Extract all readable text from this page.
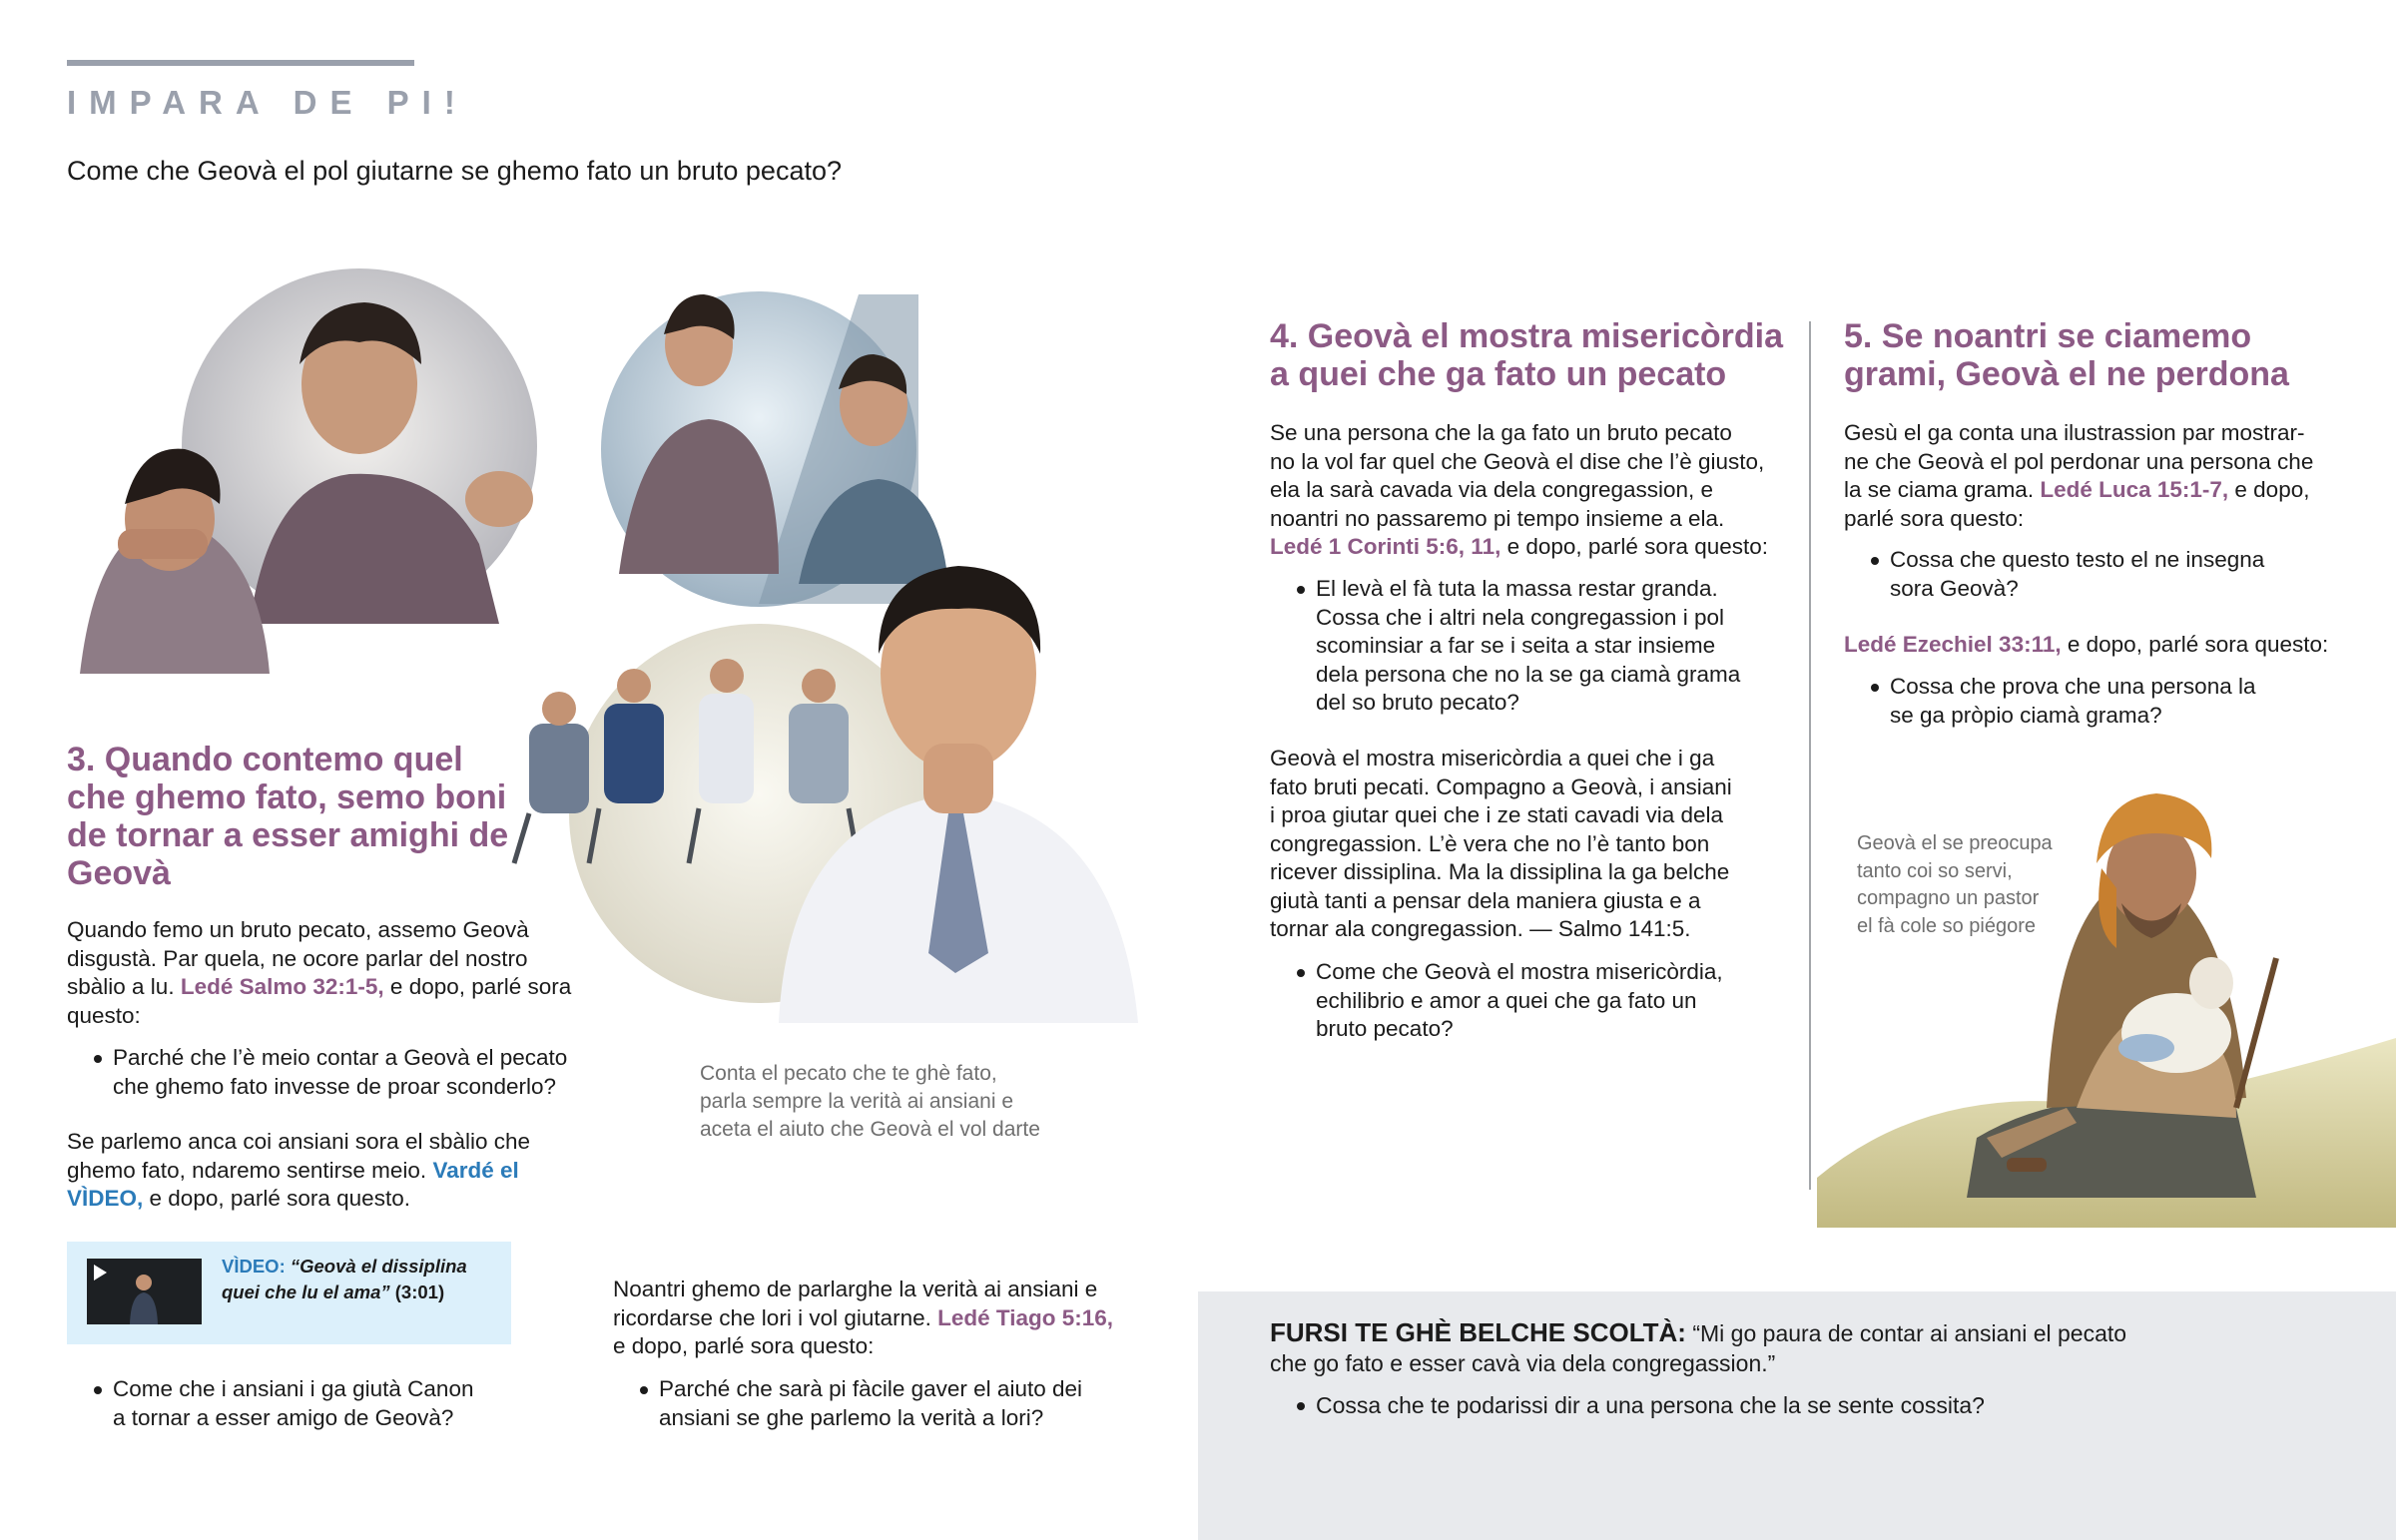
IMPARA DE PI!
Come che Geovà el pol giutarne se ghemo fato un bruto pecato?
3. Quando contemo quel
che ghemo fato, semo boni
de tornar a esser amighi de
Geovà
Quando femo un bruto pecato, assemo Geovà
disgustà. Par quela, ne ocore parlar del nostro
sbàlio a lu. Ledé Salmo 32:1-5, e dopo, parlé sora
questo:
Parché che l’è meio contar a Geovà el pecato
che ghemo fato invesse de proar sconderlo?
Se parlemo anca coi ansiani sora el sbàlio che
ghemo fato, ndaremo sentirse meio. Vardé el
VÌDEO, e dopo, parlé sora questo.
VÌDEO: “Geovà el dissiplina
quei che lu el ama” (3:01)
Come che i ansiani i ga giutà Canon
a tornar a esser amigo de Geovà?
Conta el pecato che te ghè fato,
parla sempre la verità ai ansiani e
aceta el aiuto che Geovà el vol darte
Noantri ghemo de parlarghe la verità ai ansiani e
ricordarse che lori i vol giutarne. Ledé Tiago 5:16,
e dopo, parlé sora questo:
Parché che sarà pi fàcile gaver el aiuto dei
ansiani se ghe parlemo la verità a lori?
4. Geovà el mostra misericòrdia
a quei che ga fato un pecato
Se una persona che la ga fato un bruto pecato
no la vol far quel che Geovà el dise che l’è giusto,
ela la sarà cavada via dela congregassion, e
noantri no passaremo pi tempo insieme a ela.
Ledé 1 Corinti 5:6, 11, e dopo, parlé sora questo:
El levà el fà tuta la massa restar granda.
Cossa che i altri nela congregassion i pol
scominsiar a far se i seita a star insieme
dela persona che no la se ga ciamà grama
del so bruto pecato?
Geovà el mostra misericòrdia a quei che i ga
fato bruti pecati. Compagno a Geovà, i ansiani
i proa giutar quei che i ze stati cavadi via dela
congregassion. L’è vera che no l’è tanto bon
ricever dissiplina. Ma la dissiplina la ga belche
giutà tanti a pensar dela maniera giusta e a
tornar ala congregassion. — Salmo 141:5.
Come che Geovà el mostra misericòrdia,
echilibrio e amor a quei che ga fato un
bruto pecato?
5. Se noantri se ciamemo
grami, Geovà el ne perdona
Gesù el ga conta una ilustrassion par mostrar-
ne che Geovà el pol perdonar una persona che
la se ciama grama. Ledé Luca 15:1-7, e dopo,
parlé sora questo:
Cossa che questo testo el ne insegna
sora Geovà?
Ledé Ezechiel 33:11, e dopo, parlé sora questo:
Cossa che prova che una persona la
se ga pròpio ciamà grama?
Geovà el se preocupa
tanto coi so servi,
compagno un pastor
el fà cole so piégore
FURSI TE GHÈ BELCHE SCOLTÀ: “Mi go paura de contar ai ansiani el pecato
che go fato e esser cavà via dela congregassion.”
Cossa che te podarissi dir a una persona che la se sente cossita?
